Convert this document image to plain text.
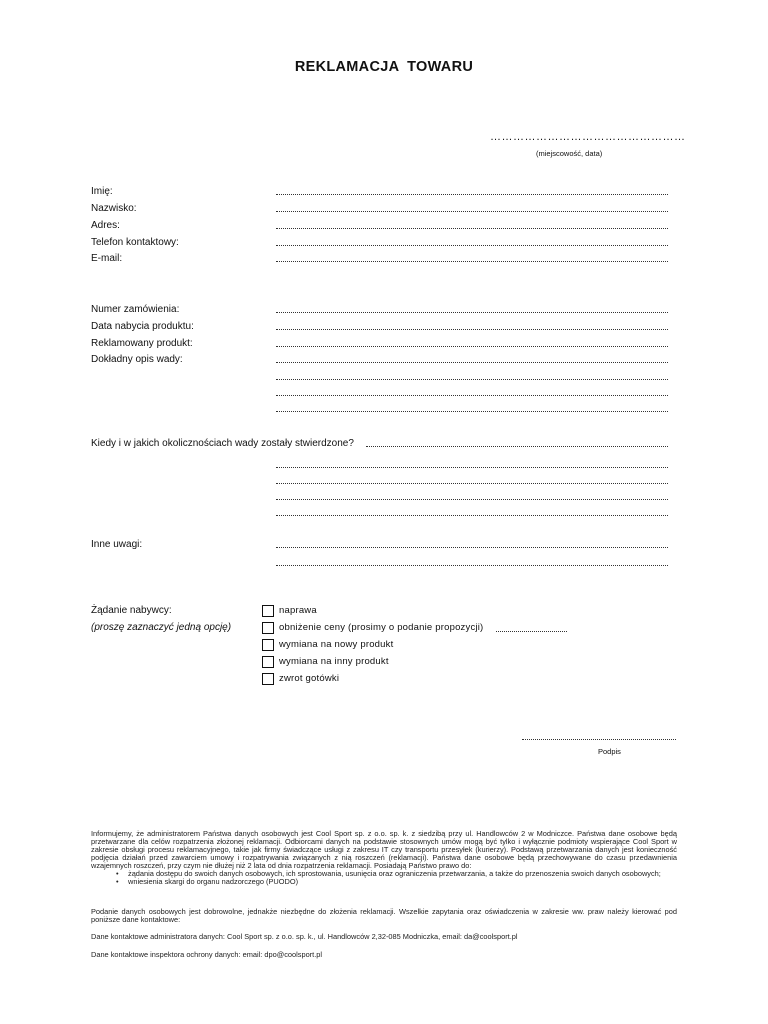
REKLAMACJA TOWARU
……………………………………………
(miejscowość, data)
Imię:
Nazwisko:
Adres:
Telefon kontaktowy:
E-mail:
Numer zamówienia:
Data nabycia produktu:
Reklamowany produkt:
Dokładny opis wady:
Kiedy i w jakich okolicznościach wady zostały stwierdzone?
Inne uwagi:
Żądanie nabywcy:
(proszę zaznaczyć jedną opcję)
naprawa
obniżenie ceny (prosimy o podanie propozycji)
wymiana na nowy produkt
wymiana na inny produkt
zwrot gotówki
Podpis
Informujemy, że administratorem Państwa danych osobowych jest Cool Sport sp. z o.o. sp. k. z siedzibą przy ul. Handlowców 2 w Modniczce. Państwa dane osobowe będą przetwarzane dla celów rozpatrzenia złożonej reklamacji. Odbiorcami danych na podstawie stosownych umów mogą być tylko i wyłącznie podmioty wspierające Cool Sport w zakresie obsługi procesu reklamacyjnego, takie jak firmy świadczące usługi z zakresu IT czy transportu przesyłek (kurierzy). Podstawą przetwarzania danych jest konieczność podjęcia działań przed zawarciem umowy i rozpatrywania związanych z nią roszczeń (reklamacji). Państwa dane osobowe będą przechowywane do czasu przedawnienia wzajemnych roszczeń, przy czym nie dłużej niż 2 lata od dnia rozpatrzenia reklamacji. Posiadają Państwo prawo do:
• żądania dostępu do swoich danych osobowych, ich sprostowania, usunięcia oraz ograniczenia przetwarzania, a także do przenoszenia swoich danych osobowych;
• wniesienia skargi do organu nadzorczego (PUODO)
Podanie danych osobowych jest dobrowolne, jednakże niezbędne do złożenia reklamacji. Wszelkie zapytania oraz oświadczenia w zakresie ww. praw należy kierować pod poniższe dane kontaktowe:
Dane kontaktowe administratora danych: Cool Sport sp. z o.o. sp. k., ul. Handlowców 2,32-085 Modniczka, email: da@coolsport.pl
Dane kontaktowe inspektora ochrony danych: email: dpo@coolsport.pl
